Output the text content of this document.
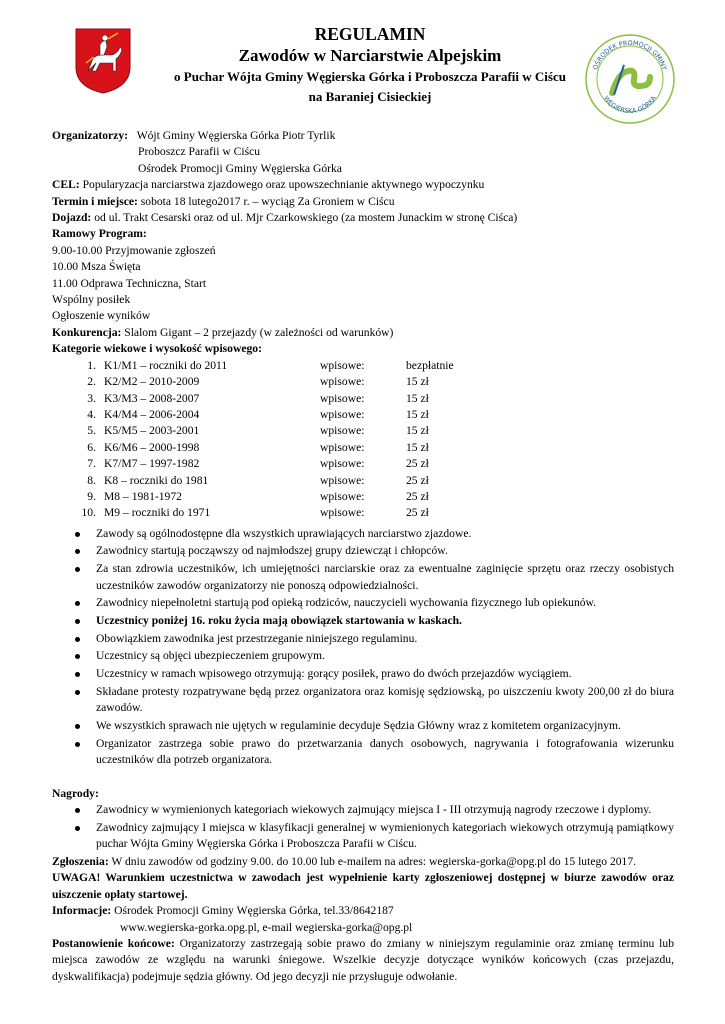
REGULAMIN
Zawodów w Narciarstwie Alpejskim
o Puchar Wójta Gminy Węgierska Górka i Proboszcza Parafii w Ciścu
na Baraniej Cisieckiej
OŚRODEK PROMOCJI GMINY
WĘGIERSKA GÓRKA
Organizatorzy: Wójt Gminy Węgierska Górka Piotr Tyrlik
Proboszcz Parafii w Ciścu
Ośrodek Promocji Gminy Węgierska Górka
CEL: Popularyzacja narciarstwa zjazdowego oraz upowszechnianie aktywnego wypoczynku
Termin i miejsce: sobota 18 lutego2017 r. – wyciąg Za Groniem w Ciścu
Dojazd: od ul. Trakt Cesarski oraz od ul. Mjr Czarkowskiego (za mostem Junackim w stronę Ciśca)
Ramowy Program:
9.00-10.00 Przyjmowanie zgłoszeń
10.00 Msza Święta
11.00 Odprawa Techniczna, Start
Wspólny posiłek
Ogłoszenie wyników
Konkurencja: Slalom Gigant – 2 przejazdy (w zależności od warunków)
Kategorie wiekowe i wysokość wpisowego:
1.	K1/M1 – roczniki do 2011	wpisowe:	bezpłatnie
2.	K2/M2 – 2010-2009	wpisowe:	15 zł
3.	K3/M3 – 2008-2007	wpisowe:	15 zł
4.	K4/M4 – 2006-2004	wpisowe:	15 zł
5.	K5/M5 – 2003-2001	wpisowe:	15 zł
6.	K6/M6 – 2000-1998	wpisowe:	15 zł
7.	K7/M7 – 1997-1982	wpisowe:	25 zł
8.	K8 – roczniki do 1981	wpisowe:	25 zł
9.	M8 – 1981-1972	wpisowe:	25 zł
10.	M9 – roczniki do 1971	wpisowe:	25 zł
Zawody są ogólnodostępne dla wszystkich uprawiających narciarstwo zjazdowe.
Zawodnicy startują począwszy od najmłodszej grupy dziewcząt i chłopców.
Za stan zdrowia uczestników, ich umiejętności narciarskie oraz za ewentualne zaginięcie sprzętu oraz rzeczy osobistych uczestników zawodów organizatorzy nie ponoszą odpowiedzialności.
Zawodnicy niepełnoletni startują pod opieką rodziców, nauczycieli wychowania fizycznego lub opiekunów.
Uczestnicy poniżej 16. roku życia mają obowiązek startowania w kaskach.
Obowiązkiem zawodnika jest przestrzeganie niniejszego regulaminu.
Uczestnicy są objęci ubezpieczeniem grupowym.
Uczestnicy w ramach wpisowego otrzymują: gorący posiłek, prawo do dwóch przejazdów wyciągiem.
Składane protesty rozpatrywane będą przez organizatora oraz komisję sędziowską, po uiszczeniu kwoty 200,00 zł do biura zawodów.
We wszystkich sprawach nie ujętych w regulaminie decyduje Sędzia Główny wraz z komitetem organizacyjnym.
Organizator zastrzega sobie prawo do przetwarzania danych osobowych, nagrywania i fotografowania wizerunku uczestników dla potrzeb organizatora.
Nagrody:
Zawodnicy w wymienionych kategoriach wiekowych zajmujący miejsca I - III otrzymują nagrody rzeczowe i dyplomy.
Zawodnicy zajmujący I miejsca w klasyfikacji generalnej w wymienionych kategoriach wiekowych otrzymują pamiątkowy puchar Wójta Gminy Węgierska Górka i Proboszcza Parafii w Ciścu.
Zgłoszenia: W dniu zawodów od godziny 9.00. do 10.00 lub e-mailem na adres: wegierska-gorka@opg.pl do 15 lutego 2017.
UWAGA! Warunkiem uczestnictwa w zawodach jest wypełnienie karty zgłoszeniowej dostępnej w biurze zawodów oraz uiszczenie opłaty startowej.
Informacje: Ośrodek Promocji Gminy Węgierska Górka, tel.33/8642187
www.wegierska-gorka.opg.pl, e-mail wegierska-gorka@opg.pl
Postanowienie końcowe: Organizatorzy zastrzegają sobie prawo do zmiany w niniejszym regulaminie oraz zmianę terminu lub miejsca zawodów ze względu na warunki śniegowe. Wszelkie decyzje dotyczące wyników końcowych (czas przejazdu, dyskwalifikacja) podejmuje sędzia główny. Od jego decyzji nie przysługuje odwołanie.
